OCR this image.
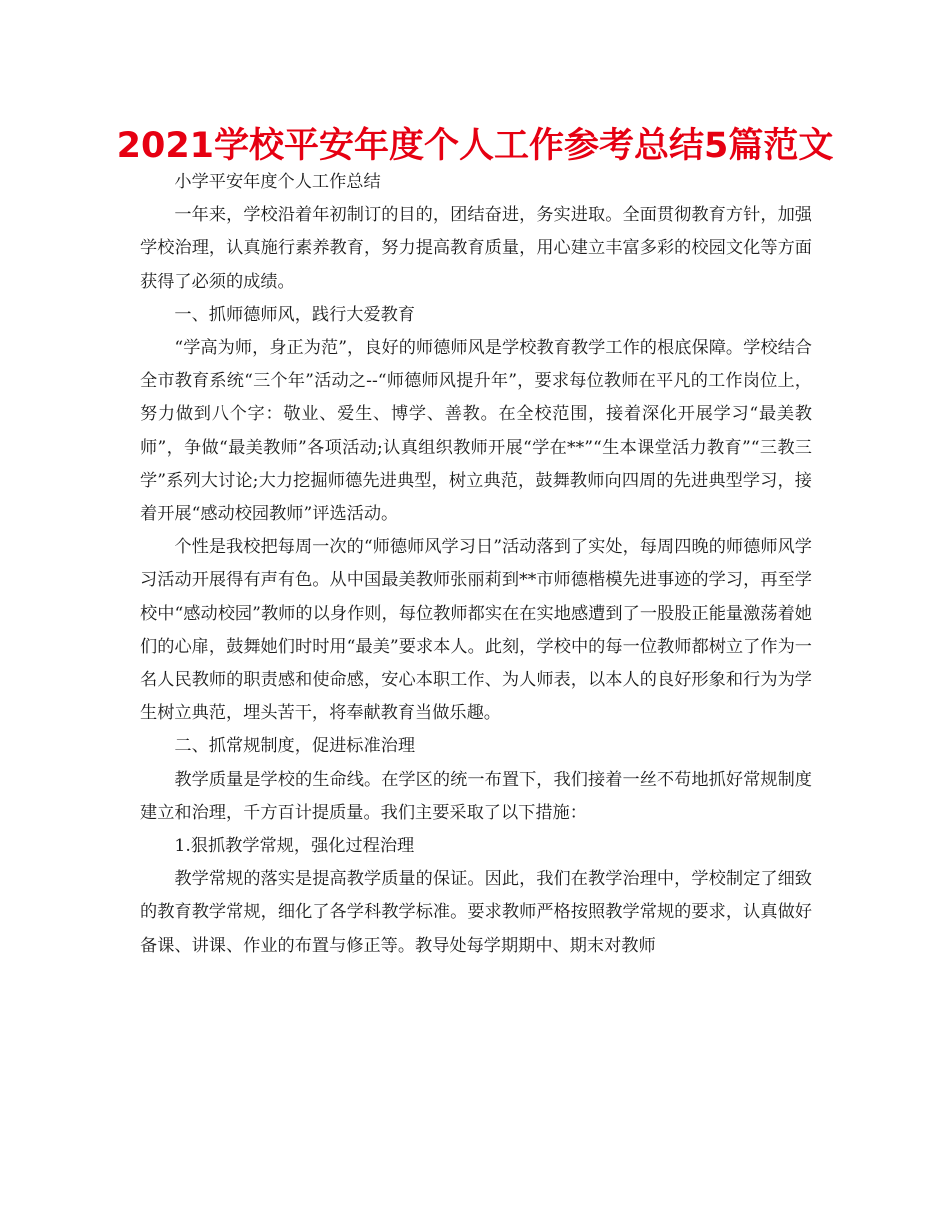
2021学校平安年度个人工作参考总结5篇范文

小学平安年度个人工作总结

一年来，学校沿着年初制订的目的，团结奋进，务实进取。全面贯彻教育方针，加强学校治理，认真施行素养教育，努力提高教育质量，用心建立丰富多彩的校园文化等方面获得了必须的成绩。

一、抓师德师风，践行大爱教育

“学高为师，身正为范”，良好的师德师风是学校教育教学工作的根底保障。学校结合全市教育系统“三个年”活动之--“师德师风提升年”，要求每位教师在平凡的工作岗位上，努力做到八个字：敬业、爱生、博学、善教。在全校范围，接着深化开展学习“最美教师”，争做“最美教师”各项活动;认真组织教师开展“学在**”“生本课堂活力教育”“三教三学”系列大讨论;大力挖掘师德先进典型，树立典范，鼓舞教师向四周的先进典型学习，接着开展“感动校园教师”评选活动。

个性是我校把每周一次的“师德师风学习日”活动落到了实处，每周四晚的师德师风学习活动开展得有声有色。从中国最美教师张丽莉到**市师德楷模先进事迹的学习，再至学校中“感动校园”教师的以身作则，每位教师都实在在实地感遭到了一股股正能量激荡着她们的心扉，鼓舞她们时时用“最美”要求本人。此刻，学校中的每一位教师都树立了作为一名人民教师的职责感和使命感，安心本职工作、为人师表，以本人的良好形象和行为为学生树立典范，埋头苦干，将奉献教育当做乐趣。

二、抓常规制度，促进标准治理

教学质量是学校的生命线。在学区的统一布置下，我们接着一丝不苟地抓好常规制度建立和治理，千方百计提质量。我们主要采取了以下措施：

1.狠抓教学常规，强化过程治理

教学常规的落实是提高教学质量的保证。因此，我们在教学治理中，学校制定了细致的教育教学常规，细化了各学科教学标准。要求教师严格按照教学常规的要求，认真做好备课、讲课、作业的布置与修正等。教导处每学期期中、期末对教师
